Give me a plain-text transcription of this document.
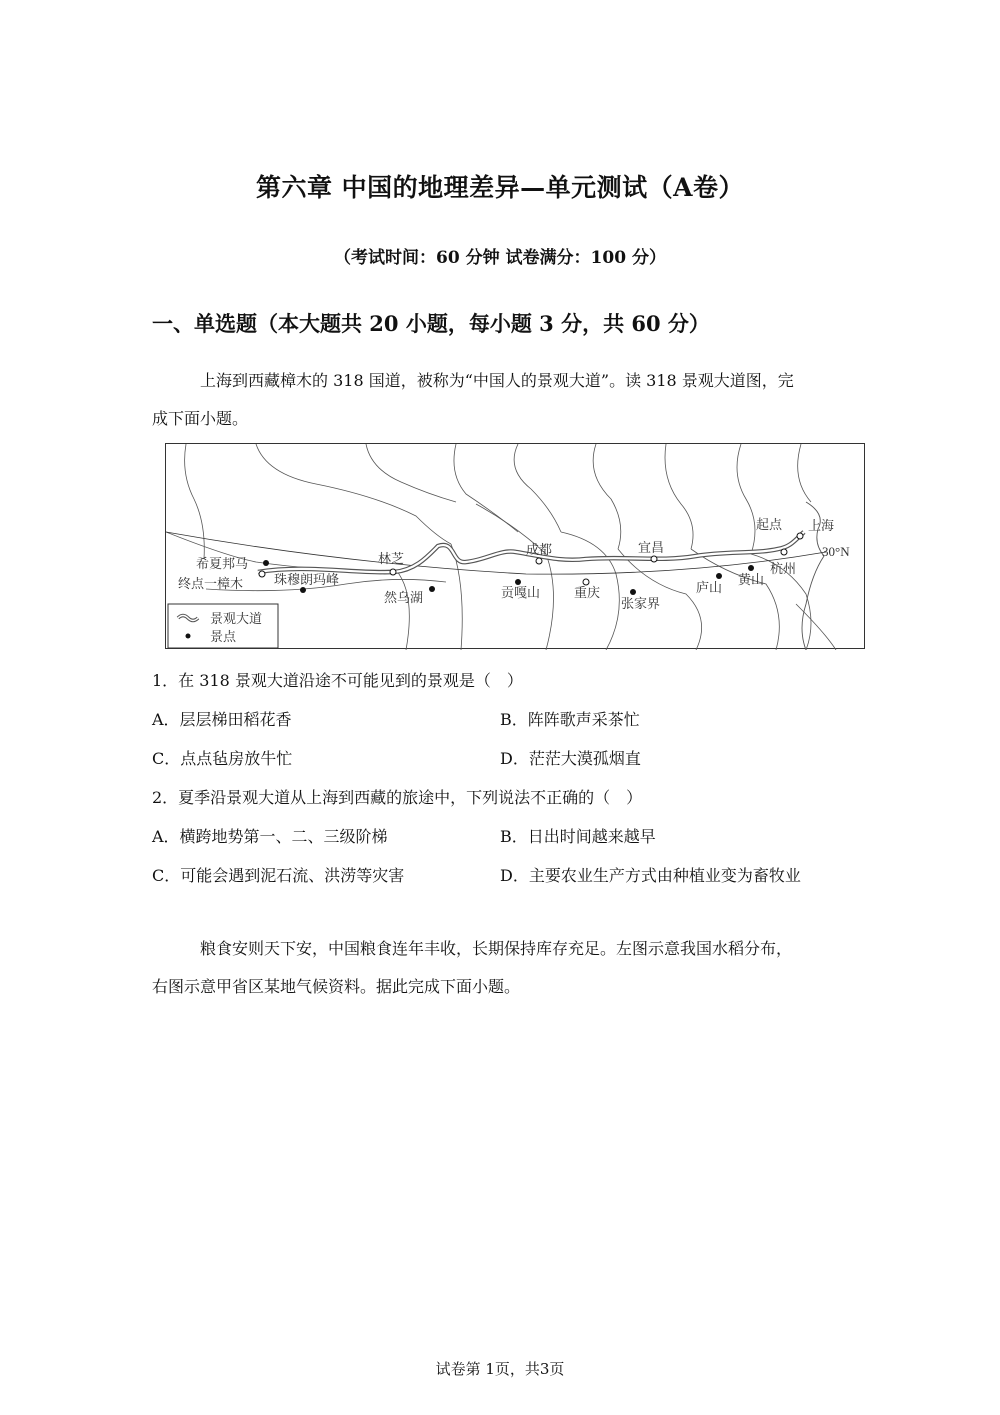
第六章 中国的地理差异—单元测试（A卷）
（考试时间：60 分钟 试卷满分：100 分）
一、单选题（本大题共 20 小题，每小题 3 分，共 60 分）
上海到西藏樟木的 318 国道，被称为“中国人的景观大道”。读 318 景观大道图，完
成下面小题。
希夏邦马
终点一樟木 珠穆朗玛峰
林芝
然乌湖
成都
贡嘎山	重庆
宜昌
张家界
庐山
黄山
杭州
起点 上海
30°N
景观大道
景点
1．在 318 景观大道沿途不可能见到的景观是（　）
A．层层梯田稻花香	B．阵阵歌声采茶忙
C．点点毡房放牛忙	D．茫茫大漠孤烟直
2．夏季沿景观大道从上海到西藏的旅途中，下列说法不正确的（　）
A．横跨地势第一、二、三级阶梯	B．日出时间越来越早
C．可能会遇到泥石流、洪涝等灾害	D．主要农业生产方式由种植业变为畜牧业
粮食安则天下安，中国粮食连年丰收，长期保持库存充足。左图示意我国水稻分布，
右图示意甲省区某地气候资料。据此完成下面小题。
试卷第 1页，共3页
